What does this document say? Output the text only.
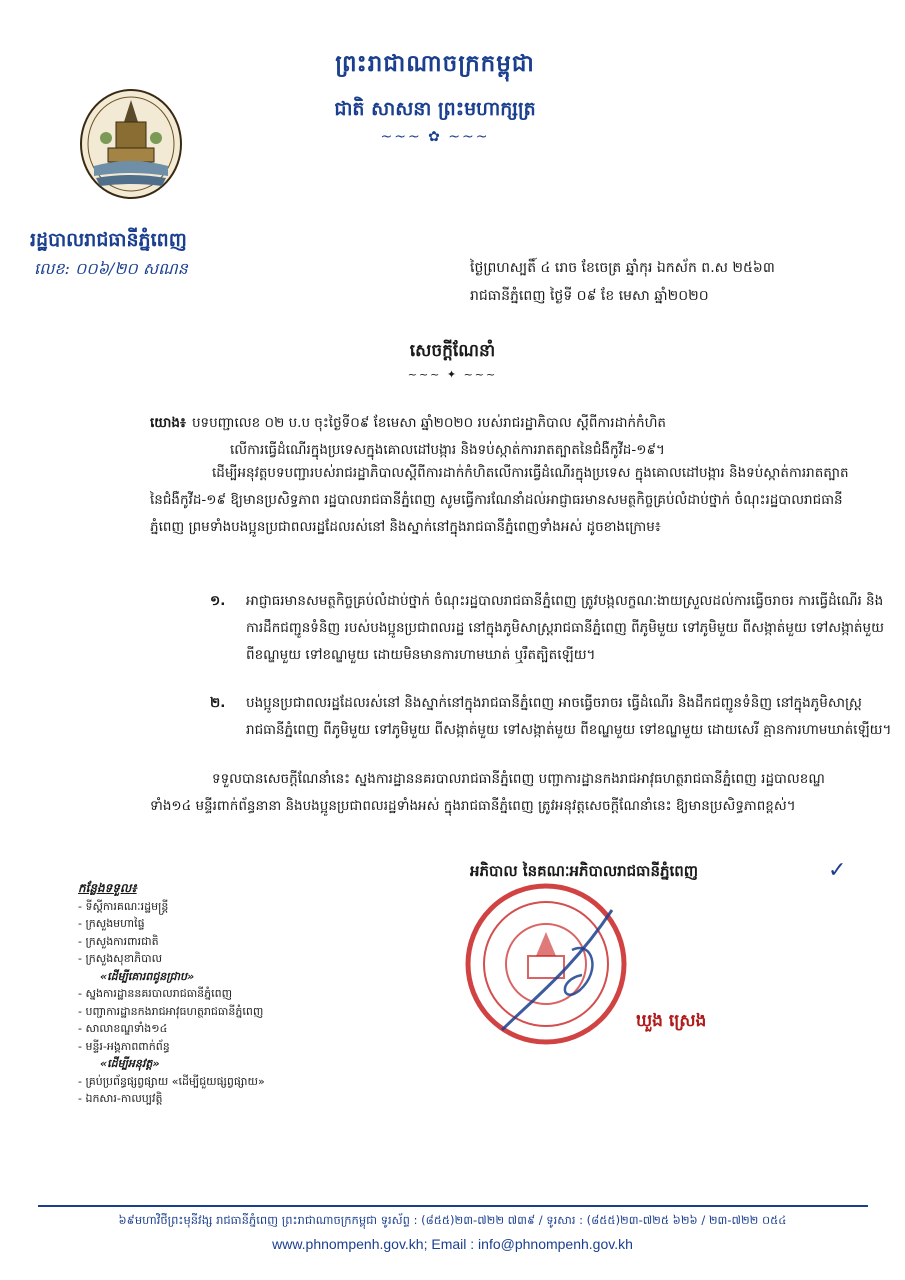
ព្រះរាជាណាចក្រកម្ពុជា
ជាតិ សាសនា ព្រះមហាក្សត្រ
~~~ ✿ ~~~
រដ្ឋបាលរាជធានីភ្នំពេញ
លេខ: ០០៦/២០ សណន	ថ្ងៃព្រហស្បតិ៍ ៤ រោច ខែចេត្រ ឆ្នាំកុរ ឯកស័ក ព.ស ២៥៦៣
រាជធានីភ្នំពេញ ថ្ងៃទី ០៩ ខែ មេសា ឆ្នាំ២០២០
សេចក្តីណែនាំ
~~~ ✦ ~~~
យោង៖ បទបញ្ជាលេខ ០២ ប.ប ចុះថ្ងៃទី០៩ ខែមេសា ឆ្នាំ២០២០ របស់រាជរដ្ឋាភិបាល ស្តីពីការដាក់កំហិត
លើការធ្វើដំណើរក្នុងប្រទេសក្នុងគោលដៅបង្ការ និងទប់ស្កាត់ការរាតត្បាតនៃជំងឺកូវីដ-១៩។
ដើម្បីអនុវត្តបទបញ្ជារបស់រាជរដ្ឋាភិបាលស្តីពីការដាក់កំហិតលើការធ្វើដំណើរក្នុងប្រទេស ក្នុងគោលដៅបង្ការ និងទប់ស្កាត់ការរាតត្បាតនៃជំងឺកូវីដ-១៩ ឱ្យមានប្រសិទ្ធភាព រដ្ឋបាលរាជធានីភ្នំពេញ សូមធ្វើការណែនាំដល់អាជ្ញាធរមានសមត្ថកិច្ចគ្រប់លំដាប់ថ្នាក់ ចំណុះរដ្ឋបាលរាជធានីភ្នំពេញ ព្រមទាំងបងប្អូនប្រជាពលរដ្ឋដែលរស់នៅ និងស្នាក់នៅក្នុងរាជធានីភ្នំពេញទាំងអស់ ដូចខាងក្រោម៖
១. អាជ្ញាធរមានសមត្ថកិច្ចគ្រប់លំដាប់ថ្នាក់ ចំណុះរដ្ឋបាលរាជធានីភ្នំពេញ ត្រូវបង្កលក្ខណៈងាយស្រួលដល់ការធ្វើចរាចរ ការធ្វើដំណើរ និងការដឹកជញ្ជូនទំនិញ របស់បងប្អូនប្រជាពលរដ្ឋ នៅក្នុងភូមិសាស្ត្ររាជធានីភ្នំពេញ ពីភូមិមួយ ទៅភូមិមួយ ពីសង្កាត់មួយ ទៅសង្កាត់មួយ ពីខណ្ឌមួយ ទៅខណ្ឌមួយ ដោយមិនមានការហាមឃាត់ ឬរឹតត្បិតឡើយ។
២. បងប្អូនប្រជាពលរដ្ឋដែលរស់នៅ និងស្នាក់នៅក្នុងរាជធានីភ្នំពេញ អាចធ្វើចរាចរ ធ្វើដំណើរ និងដឹកជញ្ជូនទំនិញ នៅក្នុងភូមិសាស្ត្ររាជធានីភ្នំពេញ ពីភូមិមួយ ទៅភូមិមួយ ពីសង្កាត់មួយ ទៅសង្កាត់មួយ ពីខណ្ឌមួយ ទៅខណ្ឌមួយ ដោយសេរី គ្មានការហាមឃាត់ឡើយ។
ទទួលបានសេចក្តីណែនាំនេះ ស្នងការដ្ឋាននគរបាលរាជធានីភ្នំពេញ បញ្ជាការដ្ឋានកងរាជអាវុធហត្ថរាជធានីភ្នំពេញ រដ្ឋបាលខណ្ឌទាំង១៤ មន្ទីរពាក់ព័ន្ធនានា និងបងប្អូនប្រជាពលរដ្ឋទាំងអស់ ក្នុងរាជធានីភ្នំពេញ ត្រូវអនុវត្តសេចក្តីណែនាំនេះ ឱ្យមានប្រសិទ្ធភាពខ្ពស់។
អភិបាល នៃគណៈអភិបាលរាជធានីភ្នំពេញ	✓
ឃួង ស្រេង
កន្លែងទទួល៖
- ទីស្តីការគណៈរដ្ឋមន្ត្រី
- ក្រសួងមហាផ្ទៃ
- ក្រសួងការពារជាតិ
- ក្រសួងសុខាភិបាល
«ដើម្បីគោរពជូនជ្រាប»
- ស្នងការដ្ឋាននគរបាលរាជធានីភ្នំពេញ
- បញ្ជាការដ្ឋានកងរាជអាវុធហត្ថរាជធានីភ្នំពេញ
- សាលាខណ្ឌទាំង១៤
- មន្ទីរ-អង្គភាពពាក់ព័ន្ធ
«ដើម្បីអនុវត្ត»
- គ្រប់ប្រព័ន្ធផ្សព្វផ្សាយ «ដើម្បីជួយផ្សព្វផ្សាយ»
- ឯកសារ-កាលប្បវត្តិ
៦៩មហាវិថីព្រះមុនីវង្ស រាជធានីភ្នំពេញ ព្រះរាជាណាចក្រកម្ពុជា ទូរស័ព្ទ : (៨៥៥)២៣-៧២២ ៧៣៩ / ទូរសារ : (៨៥៥)២៣-៧២៥ ៦២៦ / ២៣-៧២២ ០៥៤
www.phnompenh.gov.kh; Email : info@phnompenh.gov.kh
